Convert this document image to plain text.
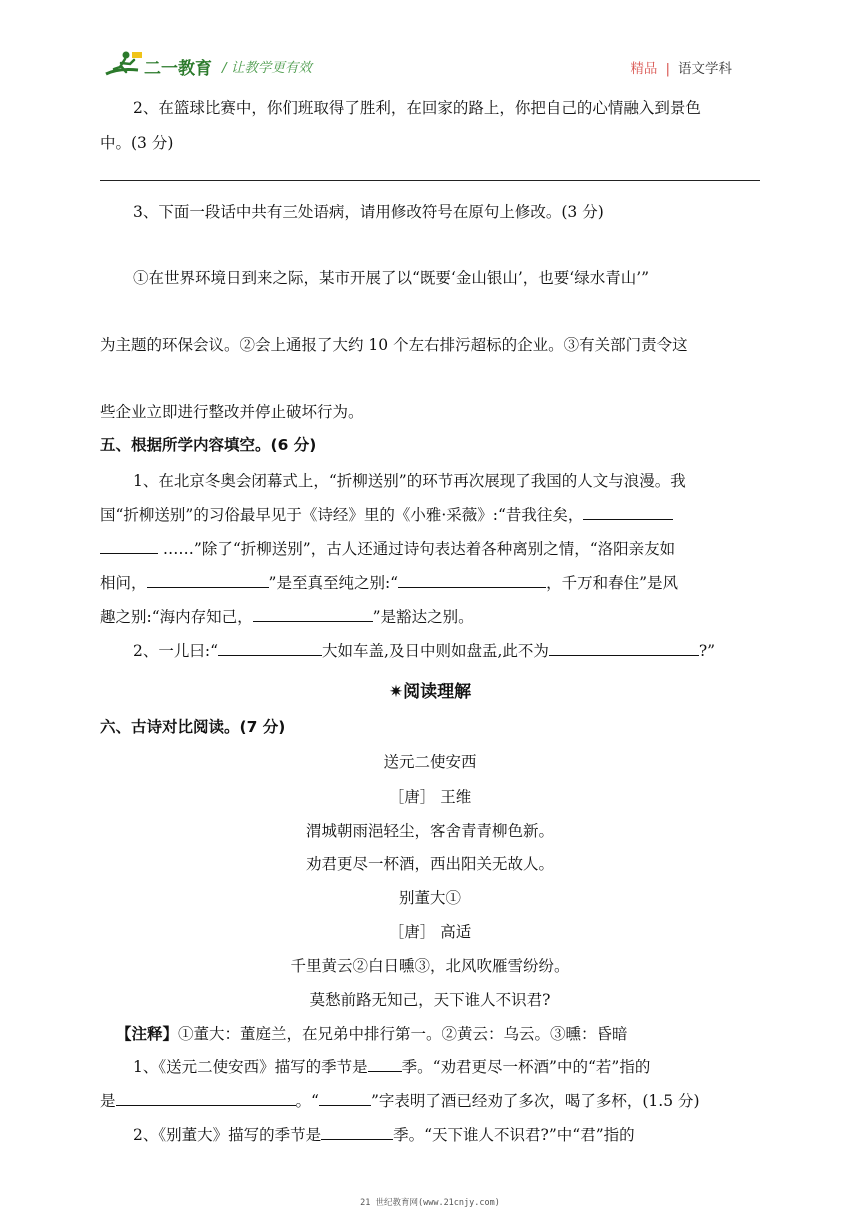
二一教育 / 让教学更有效	精品 | 语文学科
2、在篮球比赛中，你们班取得了胜利，在回家的路上，你把自己的心情融入到景色
中。(3 分)
3、下面一段话中共有三处语病，请用修改符号在原句上修改。(3 分)
①在世界环境日到来之际，某市开展了以“既要‘金山银山’，也要‘绿水青山’”
为主题的环保会议。②会上通报了大约 10 个左右排污超标的企业。③有关部门责令这
些企业立即进行整改并停止破坏行为。
五、根据所学内容填空。(6 分)
1、在北京冬奥会闭幕式上，“折柳送别”的环节再次展现了我国的人文与浪漫。我
国“折柳送别”的习俗最早见于《诗经》里的《小雅·采薇》:“昔我往矣，
……”除了“折柳送别”，古人还通过诗句表达着各种离别之情，“洛阳亲友如
相问，	”是至真至纯之别:“	，千万和春住”是风
趣之别:“海内存知己，	”是豁达之别。
2、一儿曰:“	大如车盖,及日中则如盘盂,此不为	?”
✷阅读理解
六、古诗对比阅读。(7 分)
送元二使安西
［唐］ 王维
渭城朝雨浥轻尘，客舍青青柳色新。
劝君更尽一杯酒，西出阳关无故人。
别董大①
［唐］ 高适
千里黄云②白日曛③，北风吹雁雪纷纷。
莫愁前路无知己，天下谁人不识君?
【注释】①董大：董庭兰，在兄弟中排行第一。②黄云：乌云。③曛：昏暗
1、《送元二使安西》描写的季节是 季。“劝君更尽一杯酒”中的“若”指的
是	。“	”字表明了酒已经劝了多次，喝了多杯，(1.5 分)
2、《别董大》描写的季节是	季。“天下谁人不识君?”中“君”指的
21 世纪教育网(www.21cnjy.com)
